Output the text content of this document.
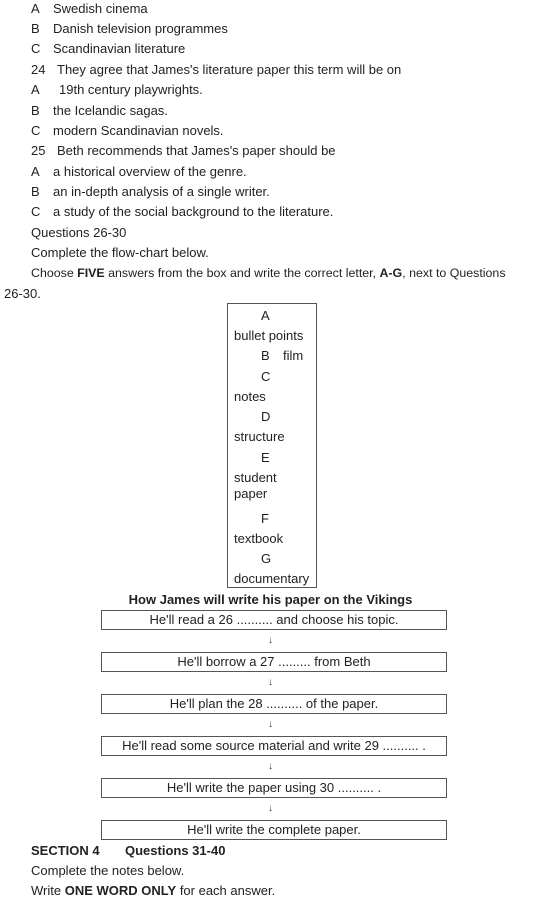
A Swedish cinema
B Danish television programmes
C Scandinavian literature
24 They agree that James's literature paper this term will be on
A 19th century playwrights.
B the Icelandic sagas.
C modern Scandinavian novels.
25 Beth recommends that James's paper should be
A a historical overview of the genre.
B an in-depth analysis of a single writer.
C a study of the social background to the literature.
Questions 26-30
Complete the flow-chart below.
Choose FIVE answers from the box and write the correct letter, A-G, next to Questions
26-30.
A
bullet points
B film
C
notes
D
structure
E
student paper
F
textbook
G
documentary
How James will write his paper on the Vikings
He'll read a 26 .......... and choose his topic.
↓
He'll borrow a 27 ......... from Beth
↓
He'll plan the 28 .......... of the paper.
↓
He'll read some source material and write 29 .......... .
↓
He'll write the paper using 30 .......... .
↓
He'll write the complete paper.
SECTION 4 Questions 31-40
Complete the notes below.
Write ONE WORD ONLY for each answer.
